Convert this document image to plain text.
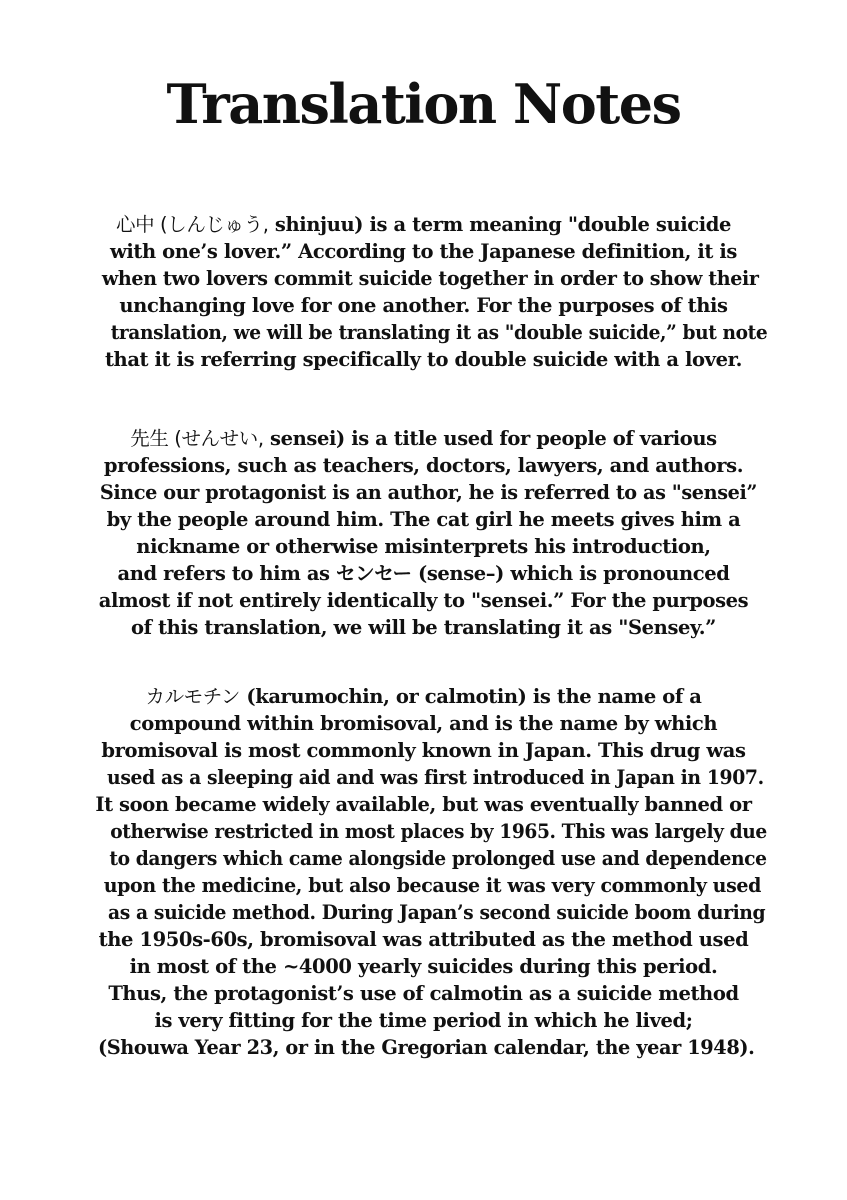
Translation Notes
心中 (しんじゅう, shinjuu) is a term meaning "double suicide
with one’s lover.” According to the Japanese definition, it is
when two lovers commit suicide together in order to show their
unchanging love for one another. For the purposes of this
translation, we will be translating it as "double suicide,” but note
that it is referring specifically to double suicide with a lover.
先生 (せんせい, sensei) is a title used for people of various
professions, such as teachers, doctors, lawyers, and authors.
Since our protagonist is an author, he is referred to as "sensei”
by the people around him. The cat girl he meets gives him a
nickname or otherwise misinterprets his introduction,
and refers to him as センセー (sense–) which is pronounced
almost if not entirely identically to "sensei.” For the purposes
of this translation, we will be translating it as "Sensey.”
カルモチン (karumochin, or calmotin) is the name of a
compound within bromisoval, and is the name by which
bromisoval is most commonly known in Japan. This drug was
used as a sleeping aid and was first introduced in Japan in 1907.
It soon became widely available, but was eventually banned or
otherwise restricted in most places by 1965. This was largely due
to dangers which came alongside prolonged use and dependence
upon the medicine, but also because it was very commonly used
as a suicide method. During Japan’s second suicide boom during
the 1950s-60s, bromisoval was attributed as the method used
in most of the ~4000 yearly suicides during this period.
Thus, the protagonist’s use of calmotin as a suicide method
is very fitting for the time period in which he lived;
(Shouwa Year 23, or in the Gregorian calendar, the year 1948).
